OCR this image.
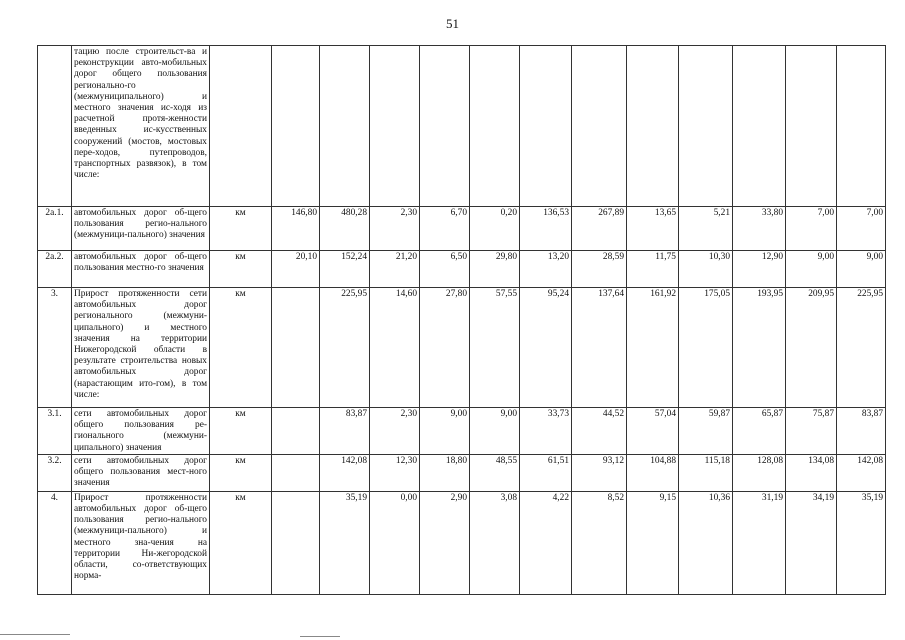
51
	тацию после строительст-ва и реконструкции авто-мобильных дорог общего пользования регионально-го (межмуниципального) и местного значения ис-ходя из расчетной протя-женности введенных ис-кусственных сооружений (мостов, мостовых пере-ходов, путепроводов, транспортных развязок), в том числе:													
2а.1.	автомобильных дорог об-щего пользования регио-нального (межмуници-пального) значения	км	146,80	480,28	2,30	6,70	0,20	136,53	267,89	13,65	5,21	33,80	7,00	7,00
2а.2.	автомобильных дорог об-щего пользования местно-го значения	км	20,10	152,24	21,20	6,50	29,80	13,20	28,59	11,75	10,30	12,90	9,00	9,00
3.	Прирост протяженности сети автомобильных дорог регионального (межмуни-ципального) и местного значения на территории Нижегородской области в результате строительства новых автомобильных дорог (нарастающим ито-гом), в том числе:	км		225,95	14,60	27,80	57,55	95,24	137,64	161,92	175,05	193,95	209,95	225,95
3.1.	сети автомобильных дорог общего пользования ре-гионального (межмуни-ципального) значения	км		83,87	2,30	9,00	9,00	33,73	44,52	57,04	59,87	65,87	75,87	83,87
3.2.	сети автомобильных дорог общего пользования мест-ного значения	км		142,08	12,30	18,80	48,55	61,51	93,12	104,88	115,18	128,08	134,08	142,08
4.	Прирост протяженности автомобильных дорог об-щего пользования регио-нального (межмуници-пального) и местного зна-чения на территории Ни-жегородской области, со-ответствующих норма-	км		35,19	0,00	2,90	3,08	4,22	8,52	9,15	10,36	31,19	34,19	35,19
